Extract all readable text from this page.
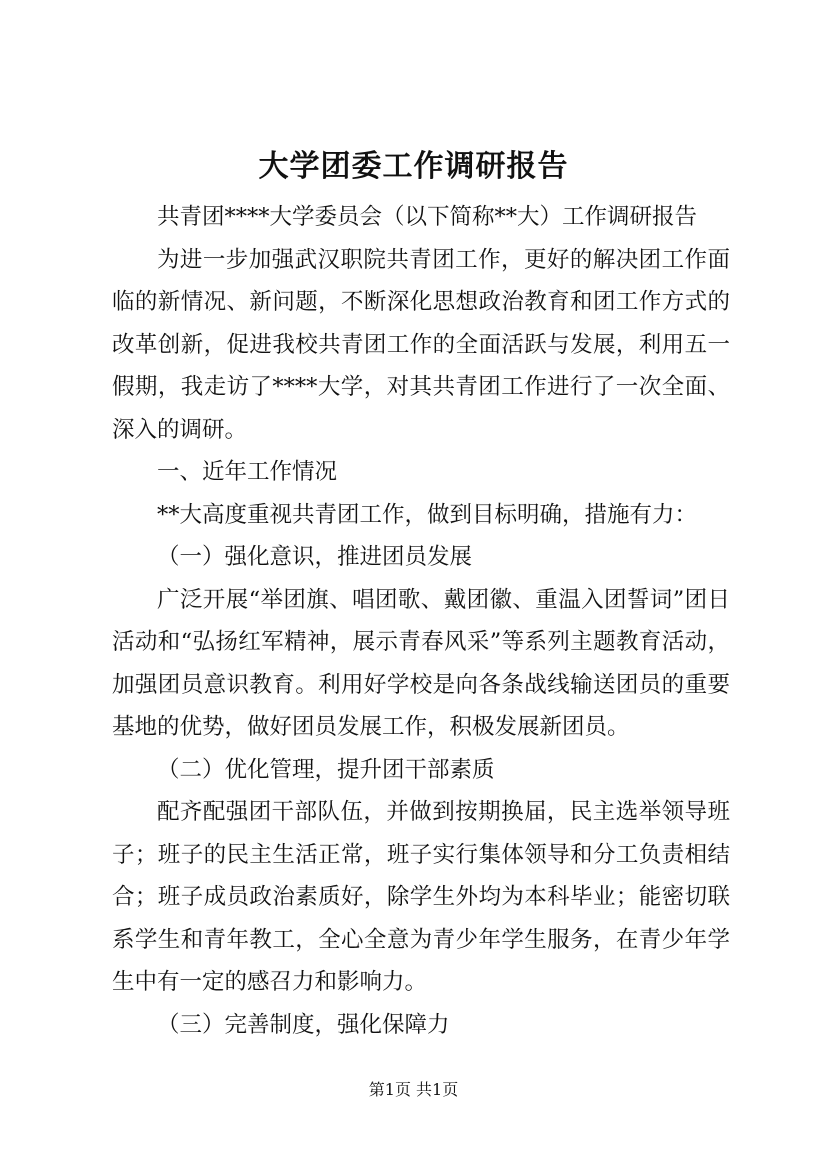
大学团委工作调研报告

共青团****大学委员会（以下简称**大）工作调研报告

为进一步加强武汉职院共青团工作，更好的解决团工作面临的新情况、新问题，不断深化思想政治教育和团工作方式的改革创新，促进我校共青团工作的全面活跃与发展，利用五一假期，我走访了****大学，对其共青团工作进行了一次全面、深入的调研。

一、近年工作情况

**大高度重视共青团工作，做到目标明确，措施有力：

（一）强化意识，推进团员发展

广泛开展“举团旗、唱团歌、戴团徽、重温入团誓词”团日活动和“弘扬红军精神，展示青春风采”等系列主题教育活动，加强团员意识教育。利用好学校是向各条战线输送团员的重要基地的优势，做好团员发展工作，积极发展新团员。

（二）优化管理，提升团干部素质

配齐配强团干部队伍，并做到按期换届，民主选举领导班子；班子的民主生活正常，班子实行集体领导和分工负责相结合；班子成员政治素质好，除学生外均为本科毕业；能密切联系学生和青年教工，全心全意为青少年学生服务，在青少年学生中有一定的感召力和影响力。

（三）完善制度，强化保障力

第1页 共1页
